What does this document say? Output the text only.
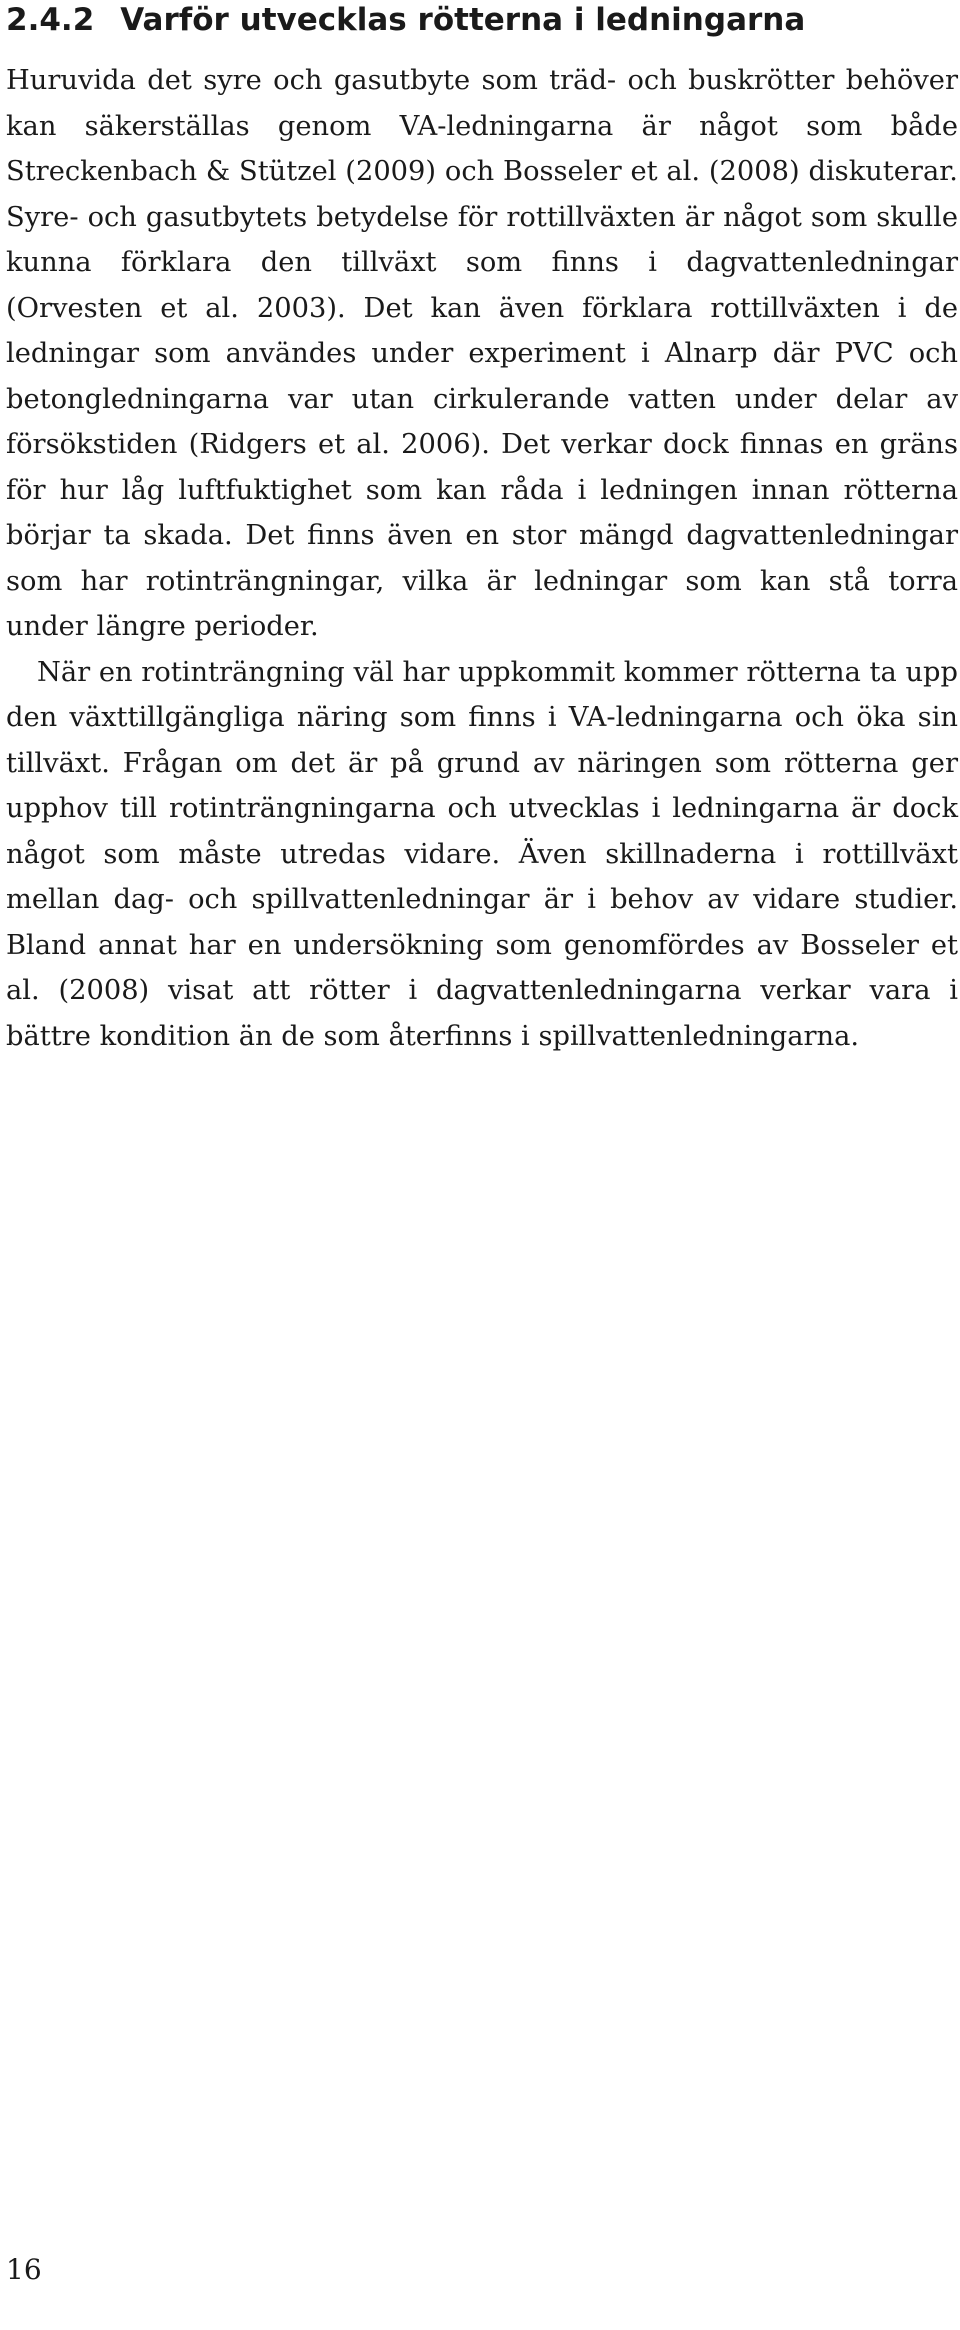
2.4.2 Varför utvecklas rötterna i ledningarna

Huruvida det syre och gasutbyte som träd- och buskrötter behöver kan säkerställas genom VA-ledningarna är något som både Streckenbach & Stützel (2009) och Bosseler et al. (2008) diskuterar. Syre- och gasutbytets betydelse för rottillväxten är något som skulle kunna förklara den tillväxt som finns i dagvattenledningar (Orvesten et al. 2003). Det kan även förklara rottillväxten i de ledningar som användes under experiment i Alnarp där PVC och betongledningarna var utan cirkulerande vatten under delar av försökstiden (Ridgers et al. 2006). Det verkar dock finnas en gräns för hur låg luftfuktighet som kan råda i ledningen innan rötterna börjar ta skada. Det finns även en stor mängd dagvattenledningar som har rotinträngningar, vilka är ledningar som kan stå torra under längre perioder.

När en rotinträngning väl har uppkommit kommer rötterna ta upp den växttillgängliga näring som finns i VA-ledningarna och öka sin tillväxt. Frågan om det är på grund av näringen som rötterna ger upphov till rotinträngningarna och utvecklas i ledningarna är dock något som måste utredas vidare. Även skillnaderna i rottillväxt mellan dag- och spillvattenledningar är i behov av vidare studier. Bland annat har en undersökning som genomfördes av Bosseler et al. (2008) visat att rötter i dagvattenledningarna verkar vara i bättre kondition än de som återfinns i spillvattenledningarna.

16
